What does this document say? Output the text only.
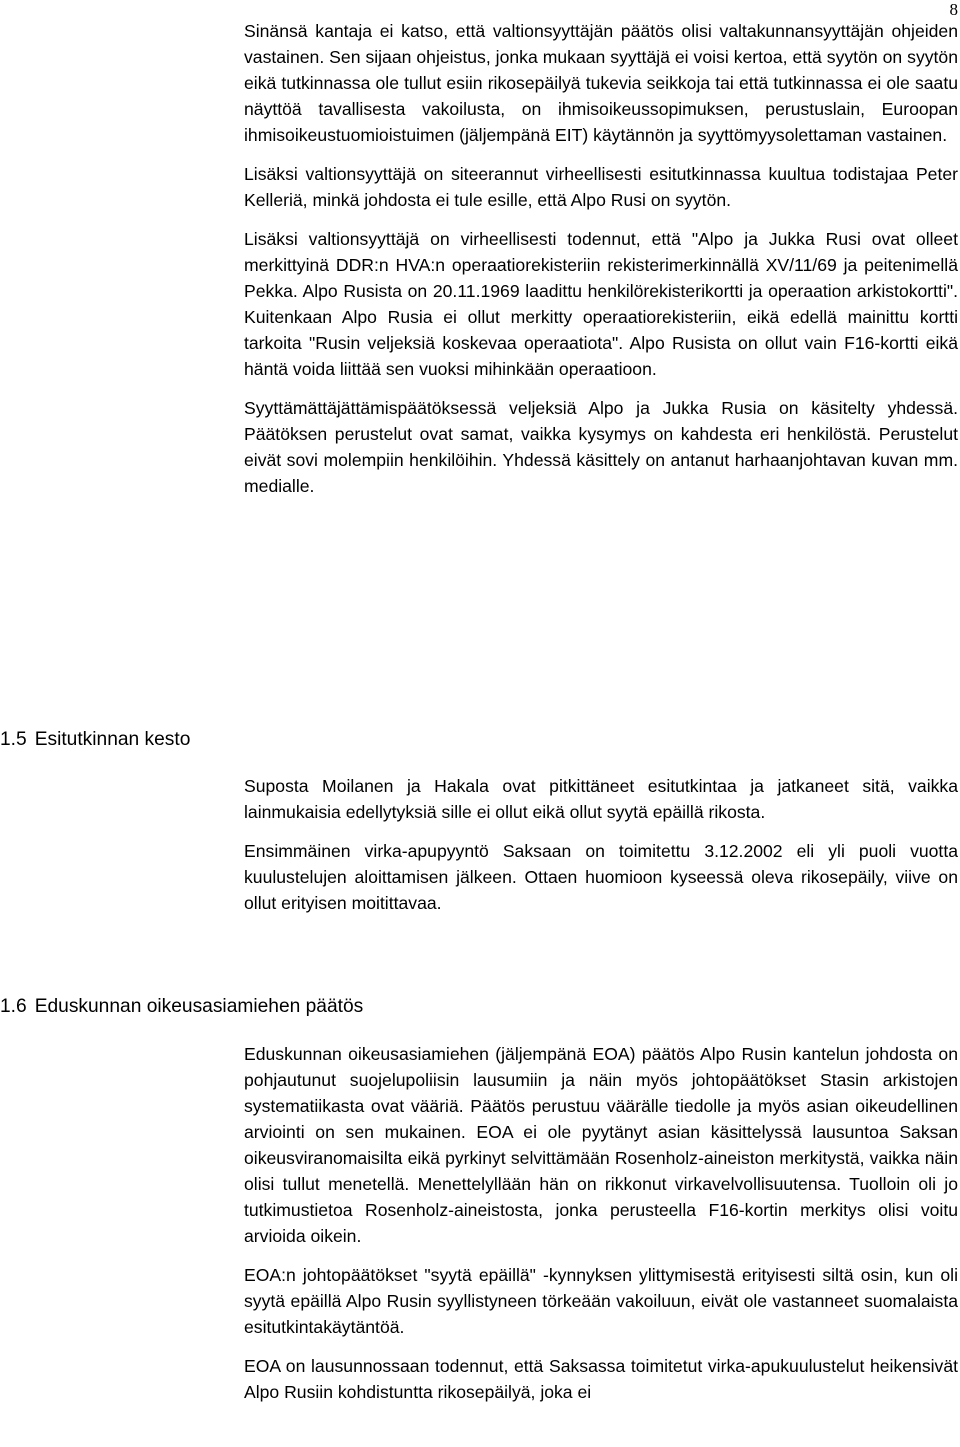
8

Sinänsä kantaja ei katso, että valtionsyyttäjän päätös olisi valtakunnansyyttäjän ohjeiden vastainen. Sen sijaan ohjeistus, jonka mukaan syyttäjä ei voisi kertoa, että syytön on syytön eikä tutkinnassa ole tullut esiin rikosepäilyä tukevia seikkoja tai että tutkinnassa ei ole saatu näyttöä tavallisesta vakoilusta, on ihmisoikeussopimuksen, perustuslain, Euroopan ihmisoikeustuomioistuimen (jäljempänä EIT) käytännön ja syyttömyysolettaman vastainen.

Lisäksi valtionsyyttäjä on siteerannut virheellisesti esitutkinnassa kuultua todistajaa Peter Kelleriä, minkä johdosta ei tule esille, että Alpo Rusi on syytön.

Lisäksi valtionsyyttäjä on virheellisesti todennut, että "Alpo ja Jukka Rusi ovat olleet merkittyinä DDR:n HVA:n operaatiorekisteriin rekisterimerkinnällä XV/11/69 ja peitenimellä Pekka. Alpo Rusista on 20.11.1969 laadittu henkilörekisterikortti ja operaation arkistokortti". Kuitenkaan Alpo Rusia ei ollut merkitty operaatiorekisteriin, eikä edellä mainittu kortti tarkoita "Rusin veljeksiä koskevaa operaatiota". Alpo Rusista on ollut vain F16-kortti eikä häntä voida liittää sen vuoksi mihinkään operaatioon.

Syyttämättäjättämispäätöksessä veljeksiä Alpo ja Jukka Rusia on käsitelty yhdessä. Päätöksen perustelut ovat samat, vaikka kysymys on kahdesta eri henkilöstä. Perustelut eivät sovi molempiin henkilöihin. Yhdessä käsittely on antanut harhaanjohtavan kuvan mm. medialle.

1.5 Esitutkinnan kesto

Suposta Moilanen ja Hakala ovat pitkittäneet esitutkintaa ja jatkaneet sitä, vaikka lainmukaisia edellytyksiä sille ei ollut eikä ollut syytä epäillä rikosta.

Ensimmäinen virka-apupyyntö Saksaan on toimitettu 3.12.2002 eli yli puoli vuotta kuulustelujen aloittamisen jälkeen. Ottaen huomioon kyseessä oleva rikosepäily, viive on ollut erityisen moitittavaa.

1.6 Eduskunnan oikeusasiamiehen päätös

Eduskunnan oikeusasiamiehen (jäljempänä EOA) päätös Alpo Rusin kantelun johdosta on pohjautunut suojelupoliisin lausumiin ja näin myös johtopäätökset Stasin arkistojen systematiikasta ovat vääriä. Päätös perustuu väärälle tiedolle ja myös asian oikeudellinen arviointi on sen mukainen. EOA ei ole pyytänyt asian käsittelyssä lausuntoa Saksan oikeusviranomaisilta eikä pyrkinyt selvittämään Rosenholz-aineiston merkitystä, vaikka näin olisi tullut menetellä. Menettelyllään hän on rikkonut virkavelvollisuutensa. Tuolloin oli jo tutkimustietoa Rosenholz-aineistosta, jonka perusteella F16-kortin merkitys olisi voitu arvioida oikein.

EOA:n johtopäätökset "syytä epäillä" -kynnyksen ylittymisestä erityisesti siltä osin, kun oli syytä epäillä Alpo Rusin syyllistyneen törkeään vakoiluun, eivät ole vastanneet suomalaista esitutkintakäytäntöä.

EOA on lausunnossaan todennut, että Saksassa toimitetut virka-apukuulustelut heikensivät Alpo Rusiin kohdistuntta rikosepäilyä, joka ei
